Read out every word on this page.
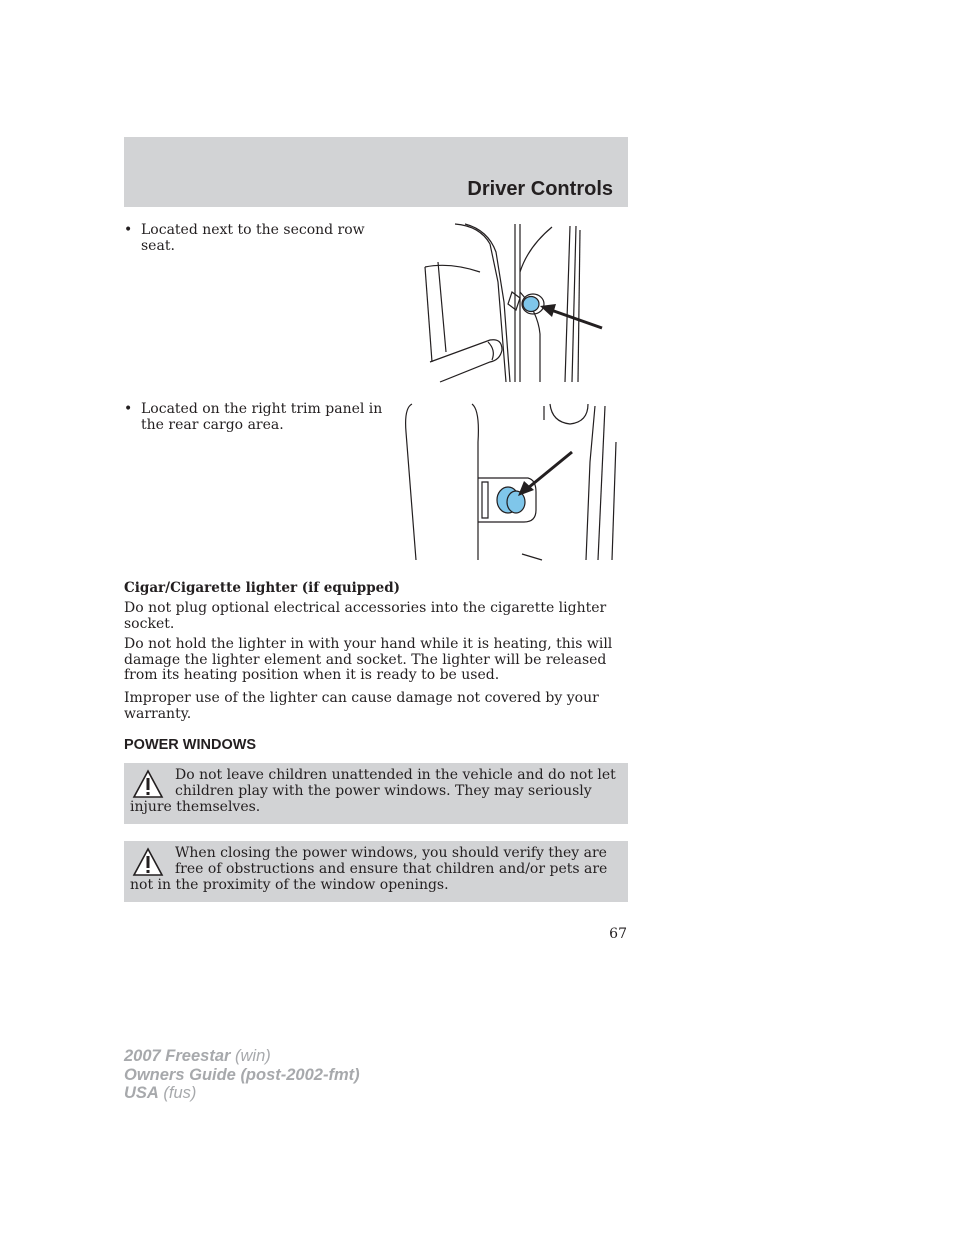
Driver Controls
• Located next to the second row seat.
• Located on the right trim panel in the rear cargo area.
Cigar/Cigarette lighter (if equipped)

Do not plug optional electrical accessories into the cigarette lighter socket.

Do not hold the lighter in with your hand while it is heating, this will damage the lighter element and socket. The lighter will be released from its heating position when it is ready to be used.

Improper use of the lighter can cause damage not covered by your warranty.

POWER WINDOWS
Do not leave children unattended in the vehicle and do not let children play with the power windows. They may seriously injure themselves.
When closing the power windows, you should verify they are free of obstructions and ensure that children and/or pets are not in the proximity of the window openings.
67
2007 Freestar (win)
Owners Guide (post-2002-fmt)
USA (fus)
